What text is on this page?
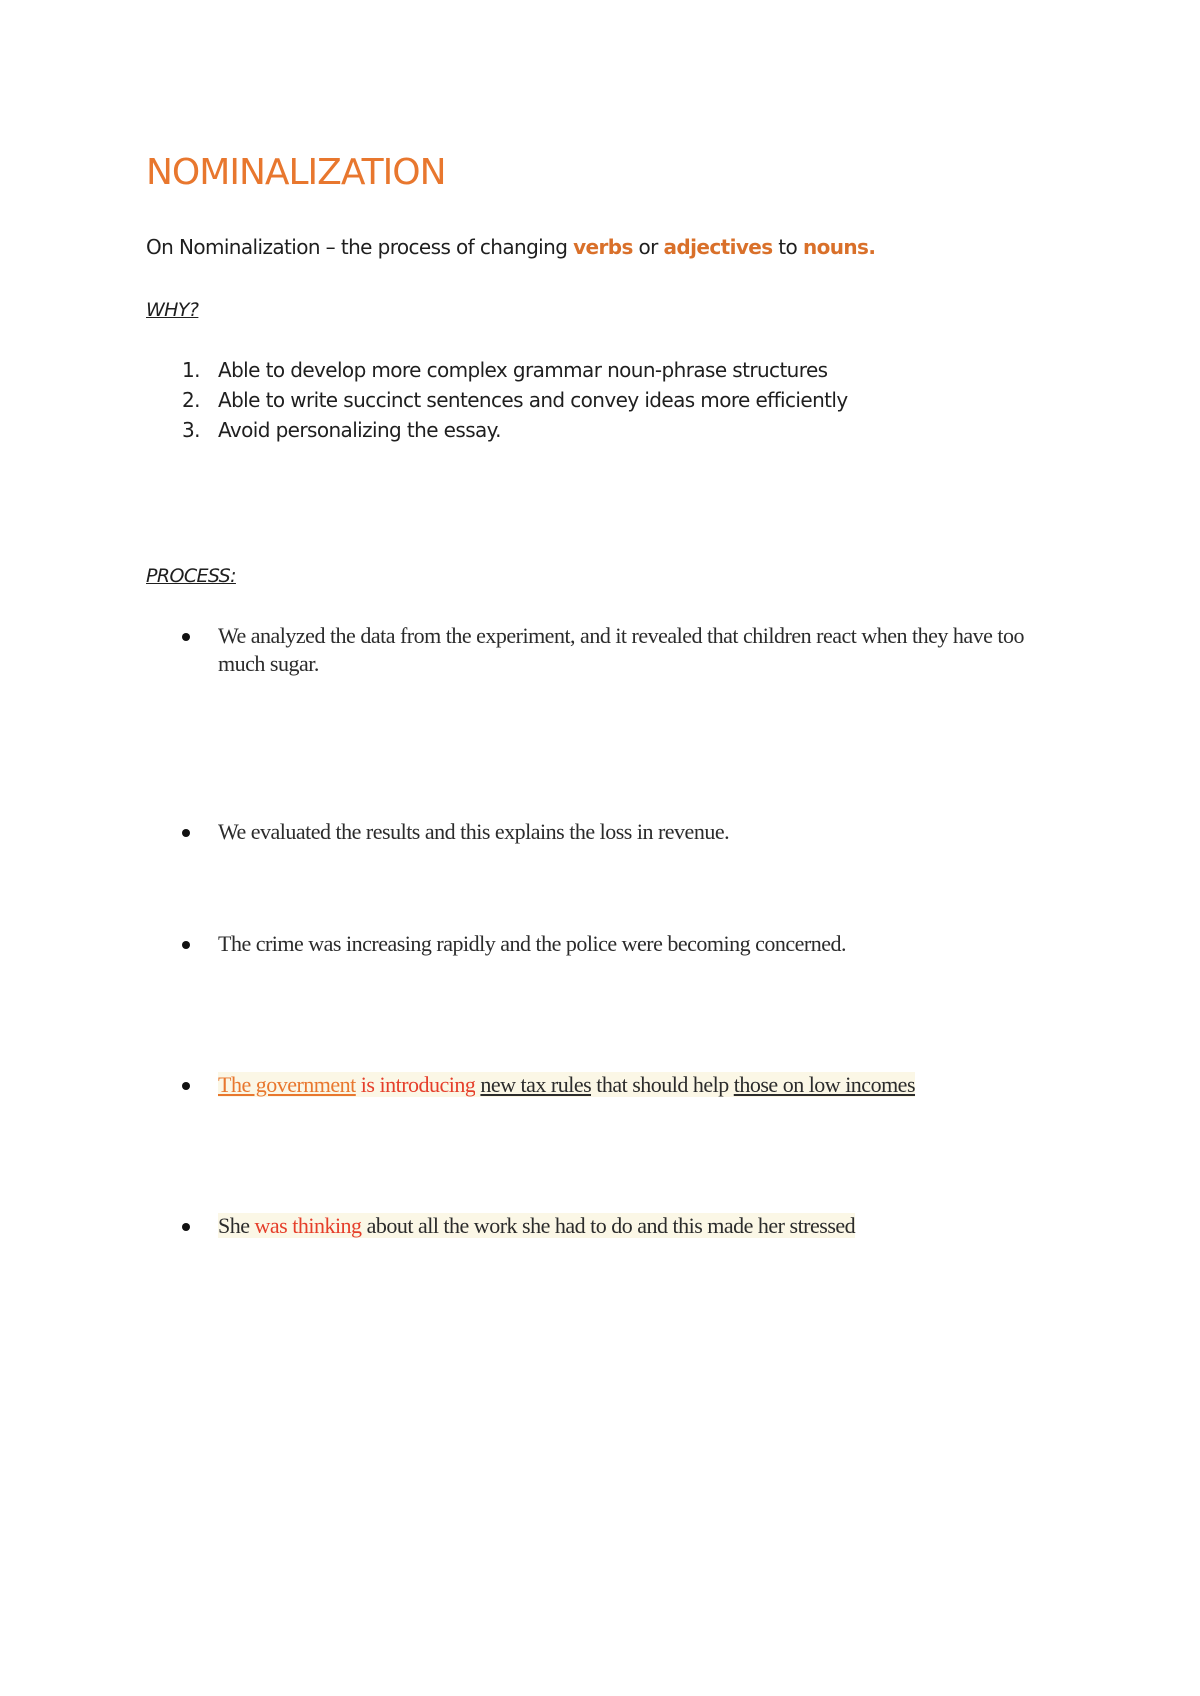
NOMINALIZATION
On Nominalization – the process of changing verbs or adjectives to nouns.
WHY?
1. Able to develop more complex grammar noun-phrase structures
2. Able to write succinct sentences and convey ideas more efficiently
3. Avoid personalizing the essay.
PROCESS:
We analyzed the data from the experiment, and it revealed that children react when they have too much sugar.
We evaluated the results and this explains the loss in revenue.
The crime was increasing rapidly and the police were becoming concerned.
The government is introducing new tax rules that should help those on low incomes
She was thinking about all the work she had to do and this made her stressed
